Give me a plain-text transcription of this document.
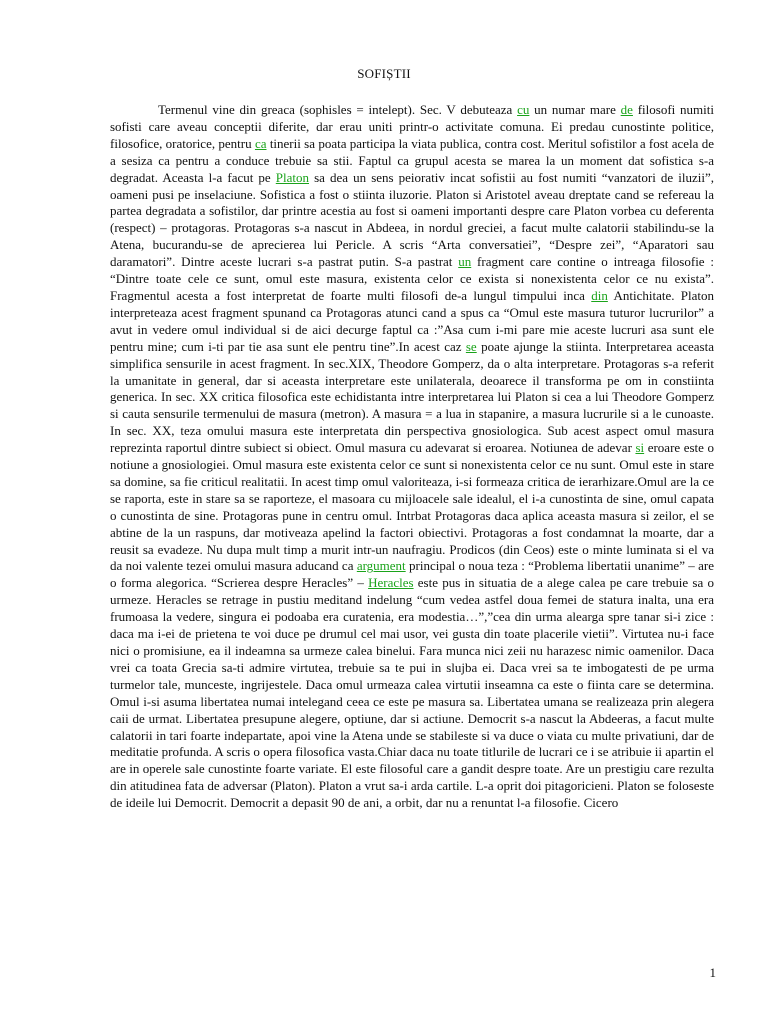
SOFIȘTII
Termenul vine din greaca (sophisles = intelept). Sec. V debuteaza cu un numar mare de filosofi numiti sofisti care aveau conceptii diferite, dar erau uniti printr-o activitate comuna. Ei predau cunostinte politice, filosofice, oratorice, pentru ca tinerii sa poata participa la viata publica, contra cost. Meritul sofistilor a fost acela de a sesiza ca pentru a conduce trebuie sa stii. Faptul ca grupul acesta se marea la un moment dat sofistica s-a degradat. Aceasta l-a facut pe Platon sa dea un sens peiorativ incat sofistii au fost numiti “vanzatori de iluzii”, oameni pusi pe inselaciune. Sofistica a fost o stiinta iluzorie. Platon si Aristotel aveau dreptate cand se refereau la partea degradata a sofistilor, dar printre acestia au fost si oameni importanti despre care Platon vorbea cu deferenta (respect) – protagoras. Protagoras s-a nascut in Abdeea, in nordul greciei, a facut multe calatorii stabilindu-se la Atena, bucurandu-se de aprecierea lui Pericle. A scris “Arta conversatiei”, “Despre zei”, “Aparatori sau daramatori”. Dintre aceste lucrari s-a pastrat putin. S-a pastrat un fragment care contine o intreaga filosofie : “Dintre toate cele ce sunt, omul este masura, existenta celor ce exista si nonexistenta celor ce nu exista”. Fragmentul acesta a fost interpretat de foarte multi filosofi de-a lungul timpului inca din Antichitate. Platon interpreteaza acest fragment spunand ca Protagoras atunci cand a spus ca “Omul este masura tuturor lucrurilor” a avut in vedere omul individual si de aici decurge faptul ca :”Asa cum i-mi pare mie aceste lucruri asa sunt ele pentru mine; cum i-ti par tie asa sunt ele pentru tine”.In acest caz se poate ajunge la stiinta. Interpretarea aceasta simplifica sensurile in acest fragment. In sec.XIX, Theodore Gomperz, da o alta interpretare. Protagoras s-a referit la umanitate in general, dar si aceasta interpretare este unilaterala, deoarece il transforma pe om in constiinta generica. In sec. XX critica filosofica este echidistanta intre interpretarea lui Platon si cea a lui Theodore Gomperz si cauta sensurile termenului de masura (metron). A masura = a lua in stapanire, a masura lucrurile si a le cunoaste. In sec. XX, teza omului masura este interpretata din perspectiva gnosiologica. Sub acest aspect omul masura reprezinta raportul dintre subiect si obiect. Omul masura cu adevarat si eroarea. Notiunea de adevar si eroare este o notiune a gnosiologiei. Omul masura este existenta celor ce sunt si nonexistenta celor ce nu sunt. Omul este in stare sa domine, sa fie criticul realitatii. In acest timp omul valoriteaza, i-si formeaza critica de ierarhizare.Omul are la ce se raporta, este in stare sa se raporteze, el masoara cu mijloacele sale idealul, el i-a cunostinta de sine, omul capata o cunostinta de sine. Protagoras pune in centru omul. Intrbat Protagoras daca aplica aceasta masura si zeilor, el se abtine de la un raspuns, dar motiveaza apelind la factori obiectivi. Protagoras a fost condamnat la moarte, dar a reusit sa evadeze. Nu dupa mult timp a murit intr-un naufragiu. Prodicos (din Ceos) este o minte luminata si el va da noi valente tezei omului masura aducand ca argument principal o noua teza : “Problema libertatii unanime” – are o forma alegorica. “Scrierea despre Heracles” – Heracles este pus in situatia de a alege calea pe care trebuie sa o urmeze. Heracles se retrage in pustiu meditand indelung “cum vedea astfel doua femei de statura inalta, una era frumoasa la vedere, singura ei podoaba era curatenia, era modestia…”,”cea din urma alearga spre tanar si-i zice : daca ma i-ei de prietena te voi duce pe drumul cel mai usor, vei gusta din toate placerile vietii”. Virtutea nu-i face nici o promisiune, ea il indeamna sa urmeze calea binelui. Fara munca nici zeii nu harazesc nimic oamenilor. Daca vrei ca toata Grecia sa-ti admire virtutea, trebuie sa te pui in slujba ei. Daca vrei sa te imbogatesti de pe urma turmelor tale, munceste, ingrijestele. Daca omul urmeaza calea virtutii inseamna ca este o fiinta care se determina. Omul i-si asuma libertatea numai intelegand ceea ce este pe masura sa. Libertatea umana se realizeaza prin alegera caii de urmat. Libertatea presupune alegere, optiune, dar si actiune. Democrit s-a nascut la Abdeeras, a facut multe calatorii in tari foarte indepartate, apoi vine la Atena unde se stabileste si va duce o viata cu multe privatiuni, dar de meditatie profunda. A scris o opera filosofica vasta.Chiar daca nu toate titlurile de lucrari ce i se atribuie ii apartin el are in operele sale cunostinte foarte variate. El este filosoful care a gandit despre toate. Are un prestigiu care rezulta din atitudinea fata de adversar (Platon). Platon a vrut sa-i arda cartile. L-a oprit doi pitagoricieni. Platon se foloseste de ideile lui Democrit. Democrit a depasit 90 de ani, a orbit, dar nu a renuntat l-a filosofie. Cicero
1
